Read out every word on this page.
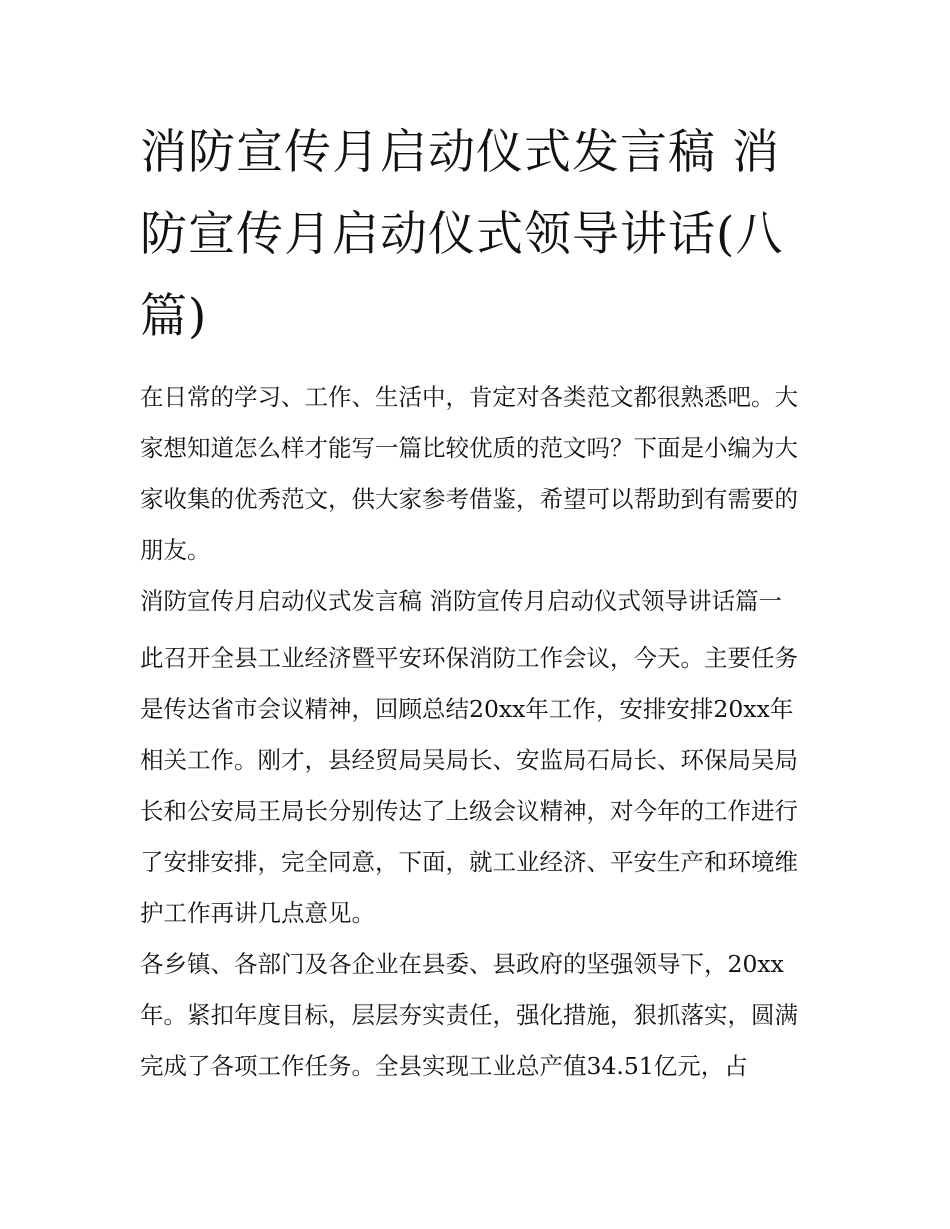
消防宣传月启动仪式发言稿 消防宣传月启动仪式领导讲话(八篇)

在日常的学习、工作、生活中，肯定对各类范文都很熟悉吧。大家想知道怎么样才能写一篇比较优质的范文吗？下面是小编为大家收集的优秀范文，供大家参考借鉴，希望可以帮助到有需要的朋友。

消防宣传月启动仪式发言稿 消防宣传月启动仪式领导讲话篇一

此召开全县工业经济暨平安环保消防工作会议，今天。主要任务是传达省市会议精神，回顾总结20xx年工作，安排安排20xx年相关工作。刚才，县经贸局吴局长、安监局石局长、环保局吴局长和公安局王局长分别传达了上级会议精神，对今年的工作进行了安排安排，完全同意，下面，就工业经济、平安生产和环境维护工作再讲几点意见。

各乡镇、各部门及各企业在县委、县政府的坚强领导下，20xx年。紧扣年度目标，层层夯实责任，强化措施，狠抓落实，圆满完成了各项工作任务。全县实现工业总产值34.51亿元，占
